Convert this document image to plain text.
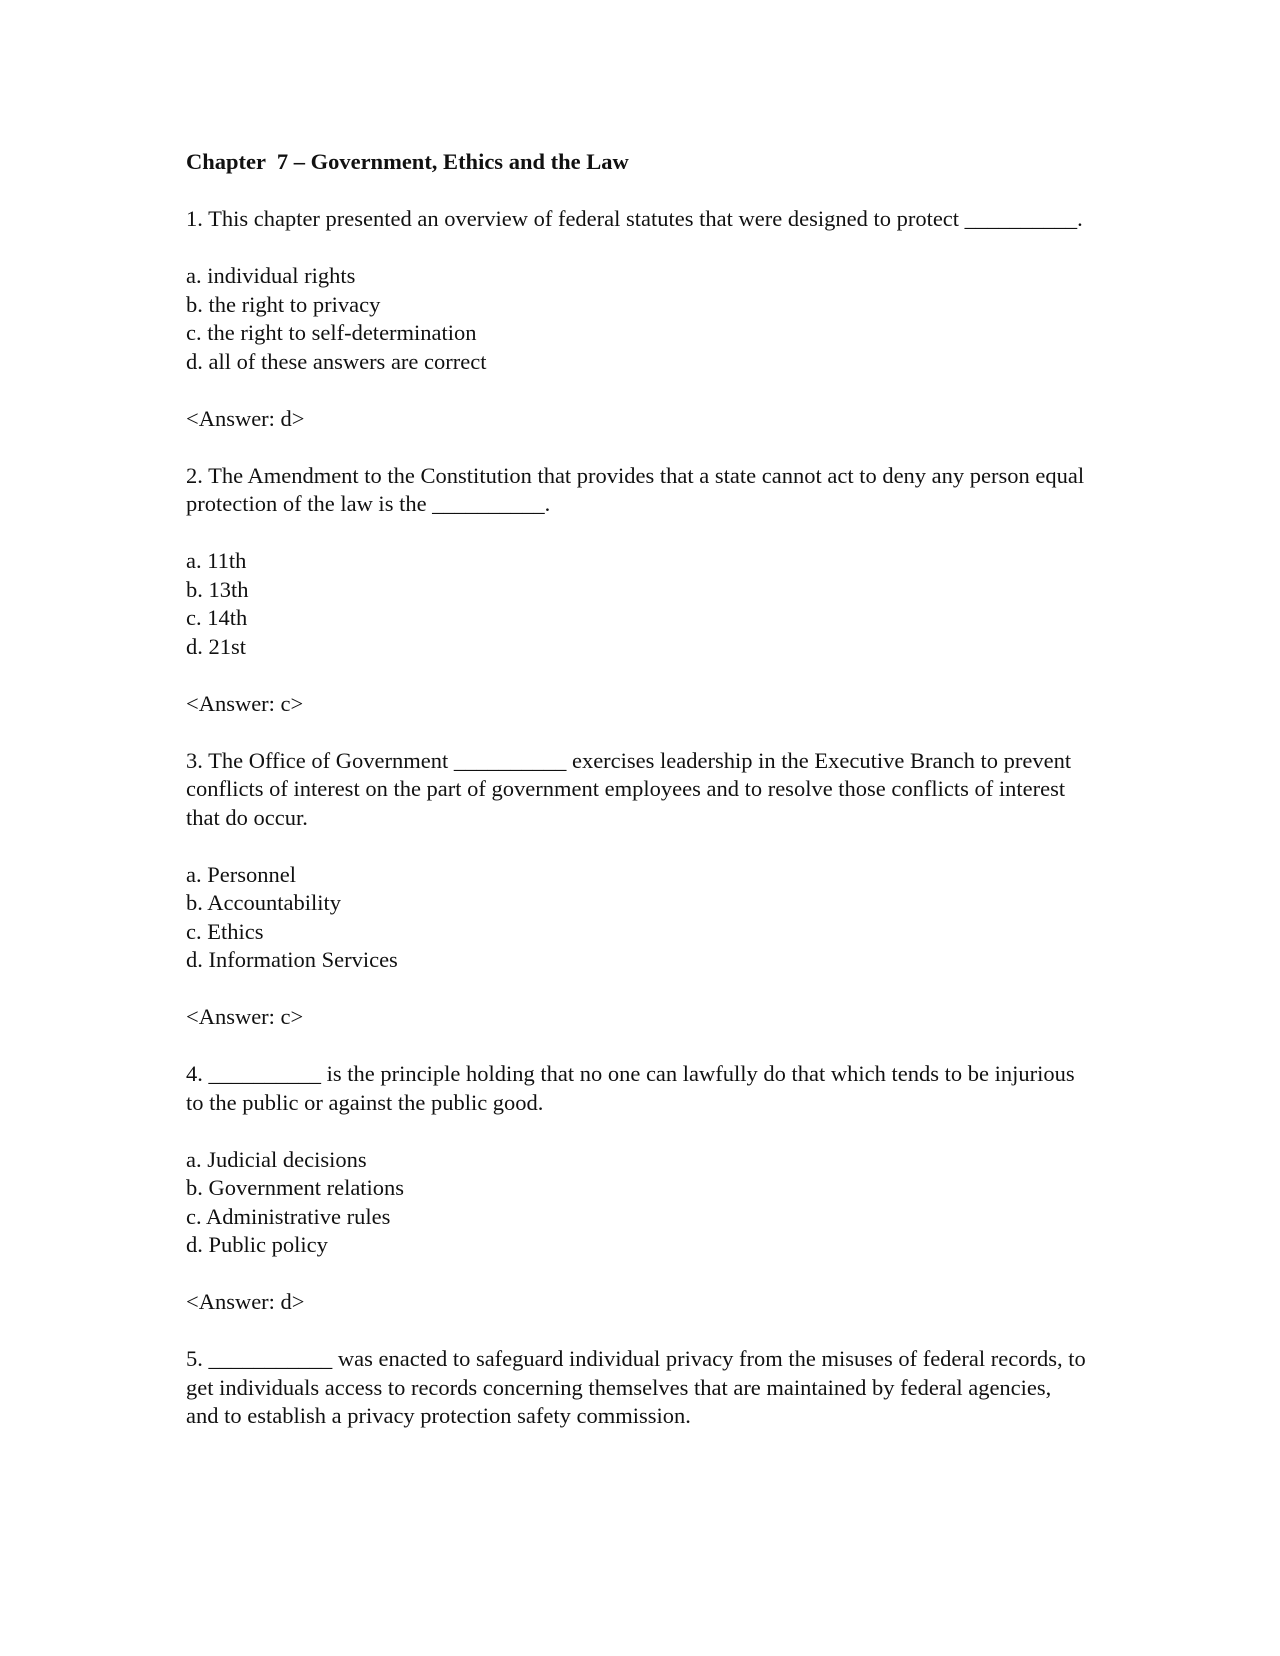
Chapter  7 – Government, Ethics and the Law

1. This chapter presented an overview of federal statutes that were designed to protect __________.

a. individual rights
b. the right to privacy
c. the right to self-determination
d. all of these answers are correct

<Answer: d>

2. The Amendment to the Constitution that provides that a state cannot act to deny any person equal protection of the law is the __________.

a. 11th
b. 13th
c. 14th
d. 21st

<Answer: c>

3. The Office of Government __________ exercises leadership in the Executive Branch to prevent conflicts of interest on the part of government employees and to resolve those conflicts of interest that do occur.

a. Personnel
b. Accountability
c. Ethics
d. Information Services

<Answer: c>

4. __________ is the principle holding that no one can lawfully do that which tends to be injurious to the public or against the public good.

a. Judicial decisions
b. Government relations
c. Administrative rules
d. Public policy

<Answer: d>

5. ___________ was enacted to safeguard individual privacy from the misuses of federal records, to get individuals access to records concerning themselves that are maintained by federal agencies, and to establish a privacy protection safety commission.
